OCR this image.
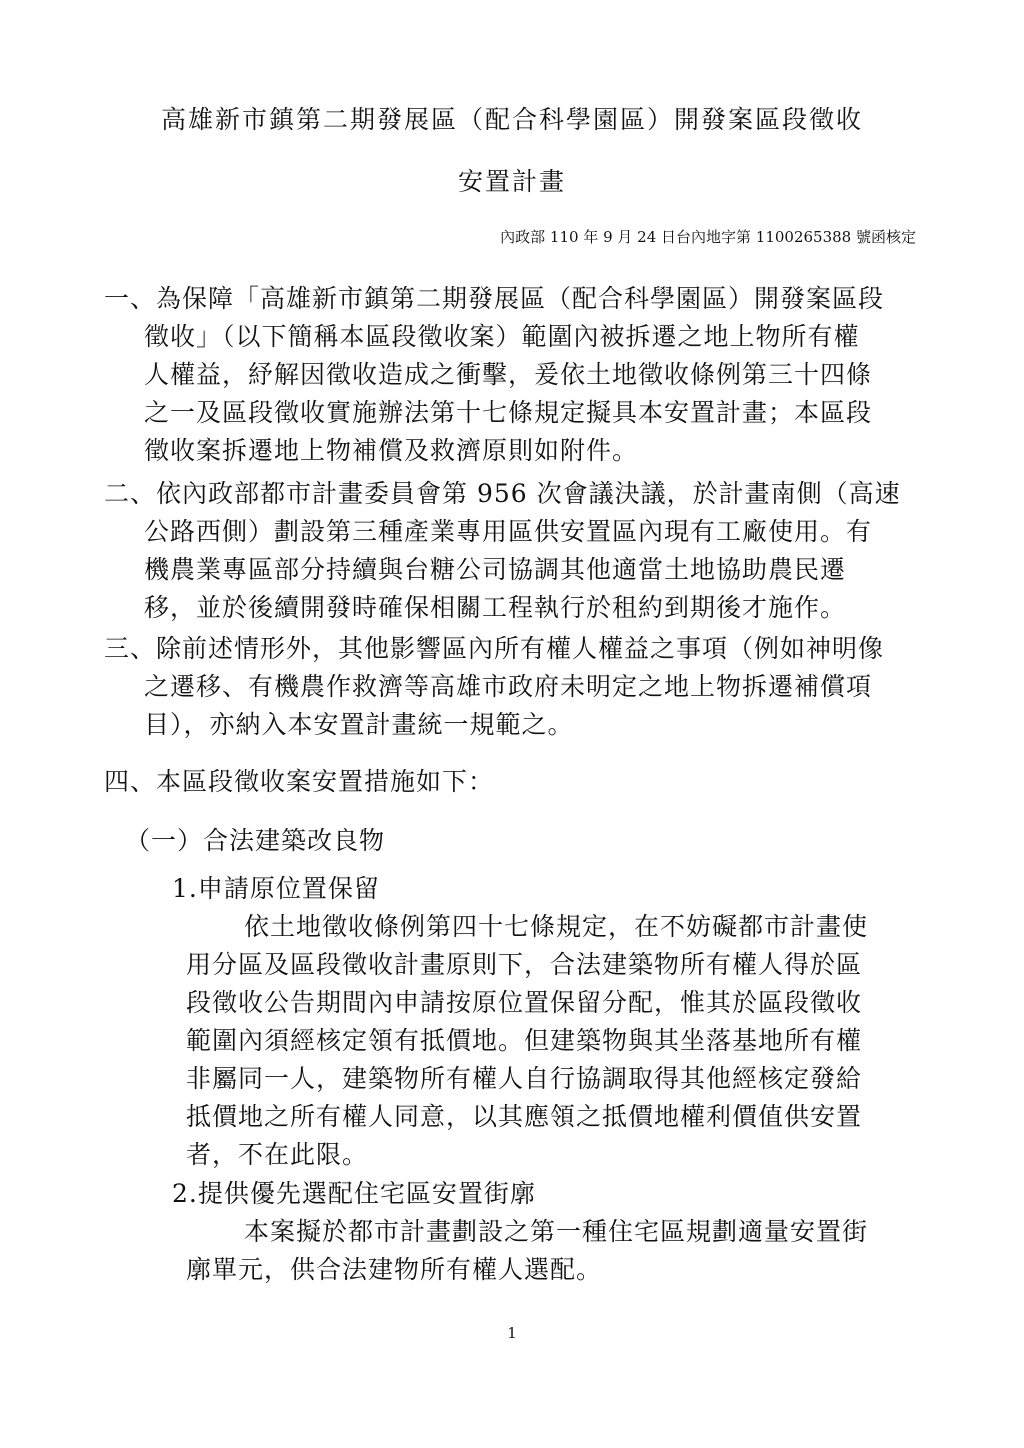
高雄新市鎮第二期發展區（配合科學園區）開發案區段徵收
安置計畫
內政部 110 年 9 月 24 日台內地字第 1100265388 號函核定
一、為保障「高雄新市鎮第二期發展區（配合科學園區）開發案區段
徵收」（以下簡稱本區段徵收案）範圍內被拆遷之地上物所有權
人權益，紓解因徵收造成之衝擊，爰依土地徵收條例第三十四條
之一及區段徵收實施辦法第十七條規定擬具本安置計畫；本區段
徵收案拆遷地上物補償及救濟原則如附件。
二、依內政部都市計畫委員會第 956 次會議決議，於計畫南側（高速
公路西側）劃設第三種產業專用區供安置區內現有工廠使用。有
機農業專區部分持續與台糖公司協調其他適當土地協助農民遷
移，並於後續開發時確保相關工程執行於租約到期後才施作。
三、除前述情形外，其他影響區內所有權人權益之事項（例如神明像
之遷移、有機農作救濟等高雄市政府未明定之地上物拆遷補償項
目），亦納入本安置計畫統一規範之。
四、本區段徵收案安置措施如下：
（一）合法建築改良物
1.申請原位置保留
依土地徵收條例第四十七條規定，在不妨礙都市計畫使
用分區及區段徵收計畫原則下，合法建築物所有權人得於區
段徵收公告期間內申請按原位置保留分配，惟其於區段徵收
範圍內須經核定領有抵價地。但建築物與其坐落基地所有權
非屬同一人，建築物所有權人自行協調取得其他經核定發給
抵價地之所有權人同意，以其應領之抵價地權利價值供安置
者，不在此限。
2.提供優先選配住宅區安置街廓
本案擬於都市計畫劃設之第一種住宅區規劃適量安置街
廓單元，供合法建物所有權人選配。
1
